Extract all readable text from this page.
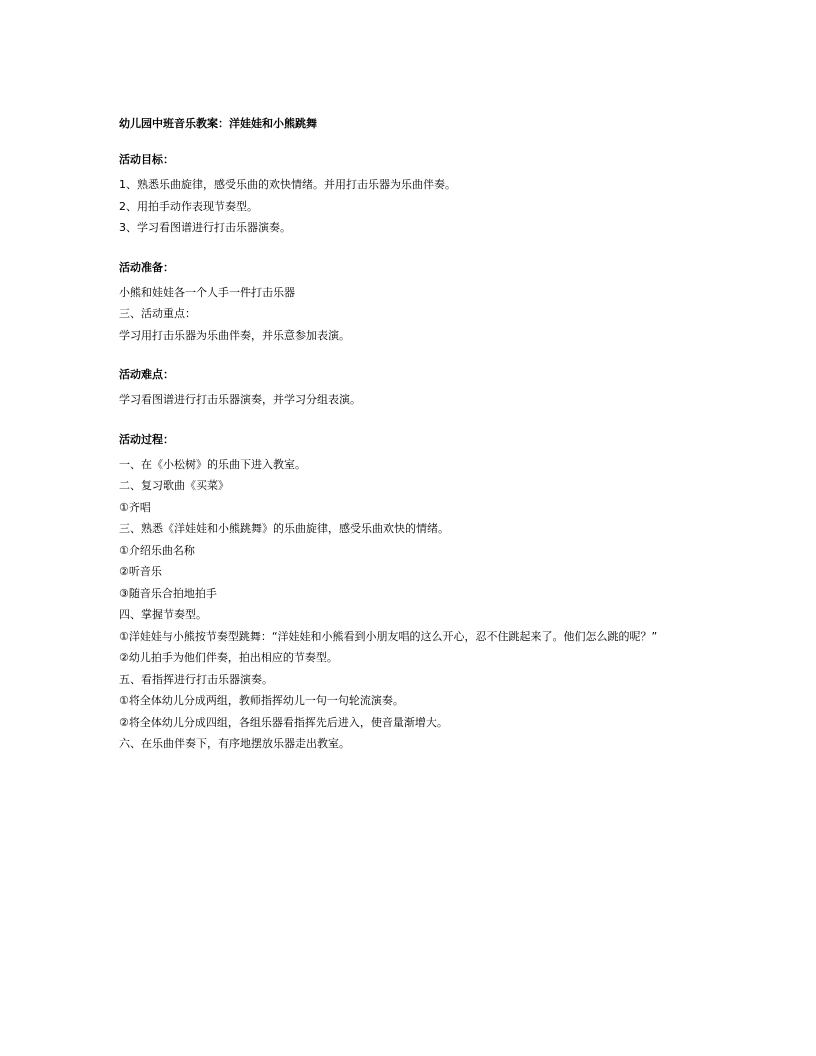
幼儿园中班音乐教案：洋娃娃和小熊跳舞

活动目标：

1、熟悉乐曲旋律，感受乐曲的欢快情绪。并用打击乐器为乐曲伴奏。

2、用拍手动作表现节奏型。

3、学习看图谱进行打击乐器演奏。

活动准备：

小熊和娃娃各一个人手一件打击乐器

三、活动重点：

学习用打击乐器为乐曲伴奏，并乐意参加表演。

活动难点：

学习看图谱进行打击乐器演奏，并学习分组表演。

活动过程：

一、在《小松树》的乐曲下进入教室。

二、复习歌曲《买菜》

①齐唱

三、熟悉《洋娃娃和小熊跳舞》的乐曲旋律，感受乐曲欢快的情绪。

①介绍乐曲名称

②听音乐

③随音乐合拍地拍手

四、掌握节奏型。

①洋娃娃与小熊按节奏型跳舞：“洋娃娃和小熊看到小朋友唱的这么开心，忍不住跳起来了。他们怎么跳的呢？”

②幼儿拍手为他们伴奏，拍出相应的节奏型。

五、看指挥进行打击乐器演奏。

①将全体幼儿分成两组，教师指挥幼儿一句一句轮流演奏。

②将全体幼儿分成四组，各组乐器看指挥先后进入，使音量渐增大。

六、在乐曲伴奏下，有序地摆放乐器走出教室。
